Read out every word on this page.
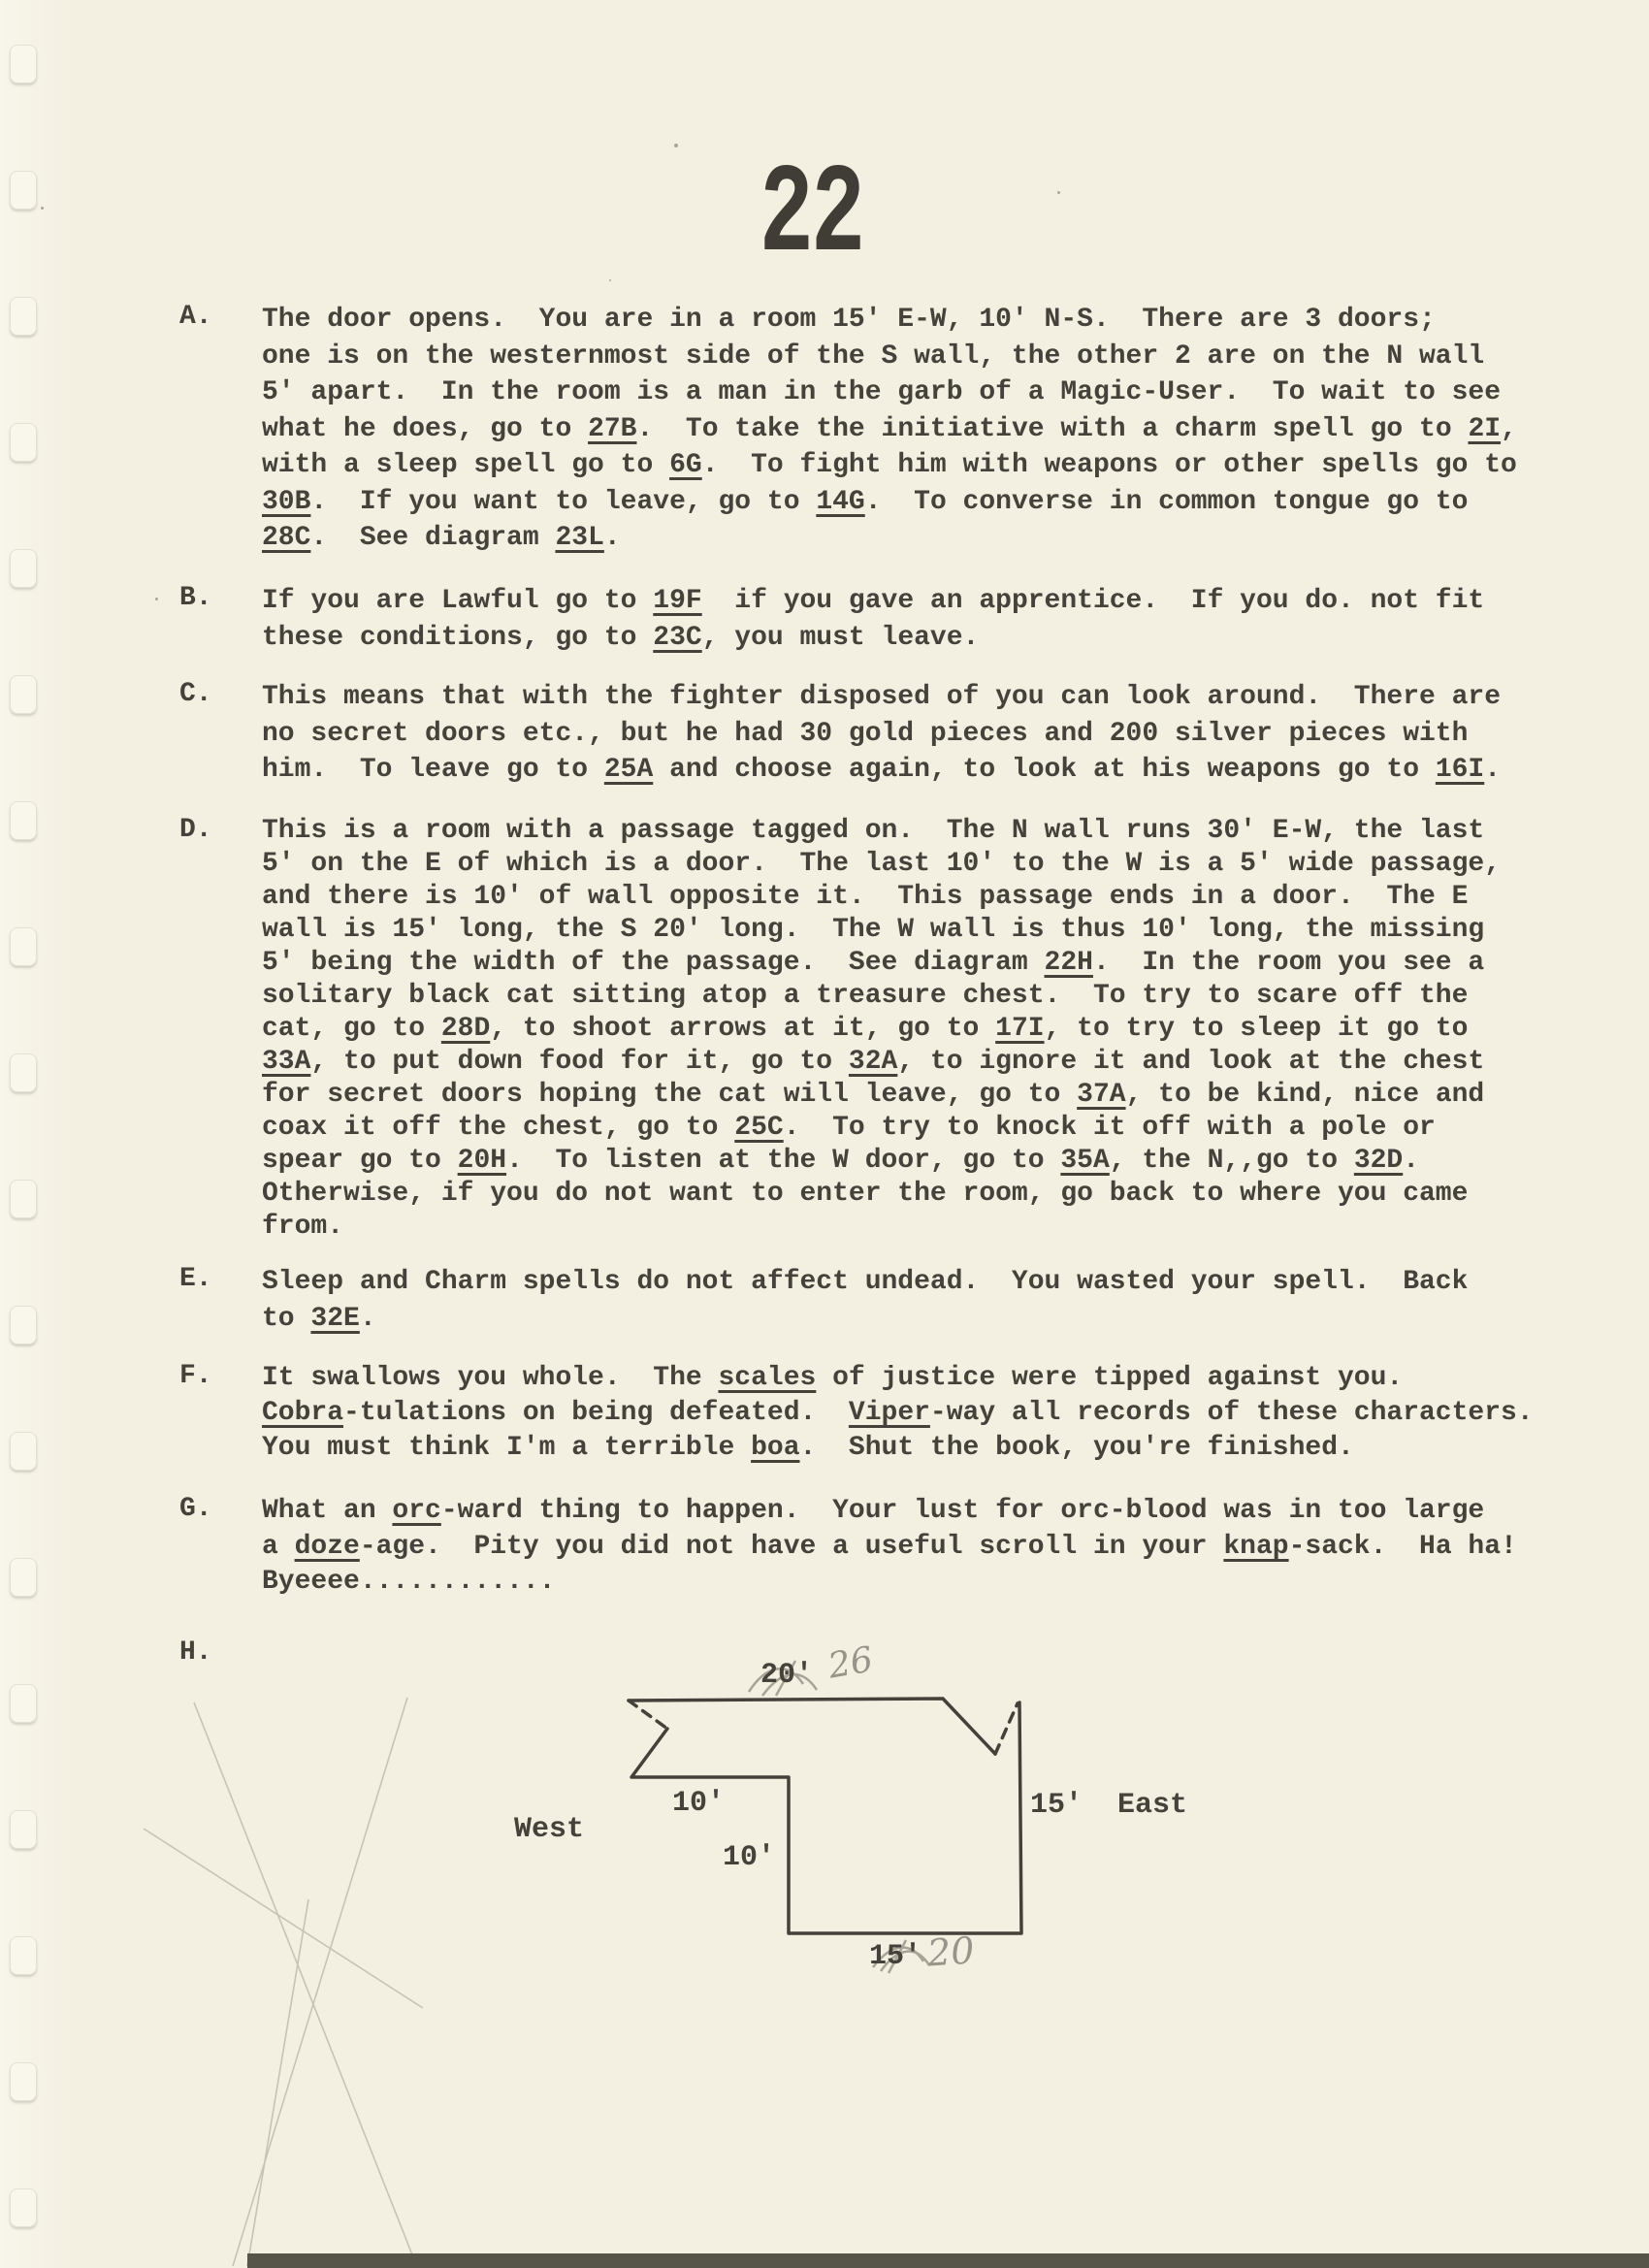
22
A. The door opens.  You are in a room 15' E-W, 10' N-S.  There are 3 doors;
one is on the westernmost side of the S wall, the other 2 are on the N wall
5' apart.  In the room is a man in the garb of a Magic-User.  To wait to see
what he does, go to 27B.  To take the initiative with a charm spell go to 2I,
with a sleep spell go to 6G.  To fight him with weapons or other spells go to
30B.  If you want to leave, go to 14G.  To converse in common tongue go to
28C.  See diagram 23L.
B. If you are Lawful go to 19F  if you gave an apprentice.  If you do. not fit
these conditions, go to 23C, you must leave.
C. This means that with the fighter disposed of you can look around.  There are
no secret doors etc., but he had 30 gold pieces and 200 silver pieces with
him.  To leave go to 25A and choose again, to look at his weapons go to 16I.
D. This is a room with a passage tagged on.  The N wall runs 30' E-W, the last
5' on the E of which is a door.  The last 10' to the W is a 5' wide passage,
and there is 10' of wall opposite it.  This passage ends in a door.  The E
wall is 15' long, the S 20' long.  The W wall is thus 10' long, the missing
5' being the width of the passage.  See diagram 22H.  In the room you see a
solitary black cat sitting atop a treasure chest.  To try to scare off the
cat, go to 28D, to shoot arrows at it, go to 17I, to try to sleep it go to
33A, to put down food for it, go to 32A, to ignore it and look at the chest
for secret doors hoping the cat will leave, go to 37A, to be kind, nice and
coax it off the chest, go to 25C.  To try to knock it off with a pole or
spear go to 20H.  To listen at the W door, go to 35A, the N,,go to 32D.
Otherwise, if you do not want to enter the room, go back to where you came
from.
E. Sleep and Charm spells do not affect undead.  You wasted your spell.  Back
to 32E.
F. It swallows you whole.  The scales of justice were tipped against you.
Cobra-tulations on being defeated.  Viper-way all records of these characters.
You must think I'm a terrible boa.  Shut the book, you're finished.
G. What an orc-ward thing to happen.  Your lust for orc-blood was in too large
a doze-age.  Pity you did not have a useful scroll in your knap-sack.  Ha ha!
Byeeee............
H.
20'
10'
West
10'
15' East
15'
26
20
